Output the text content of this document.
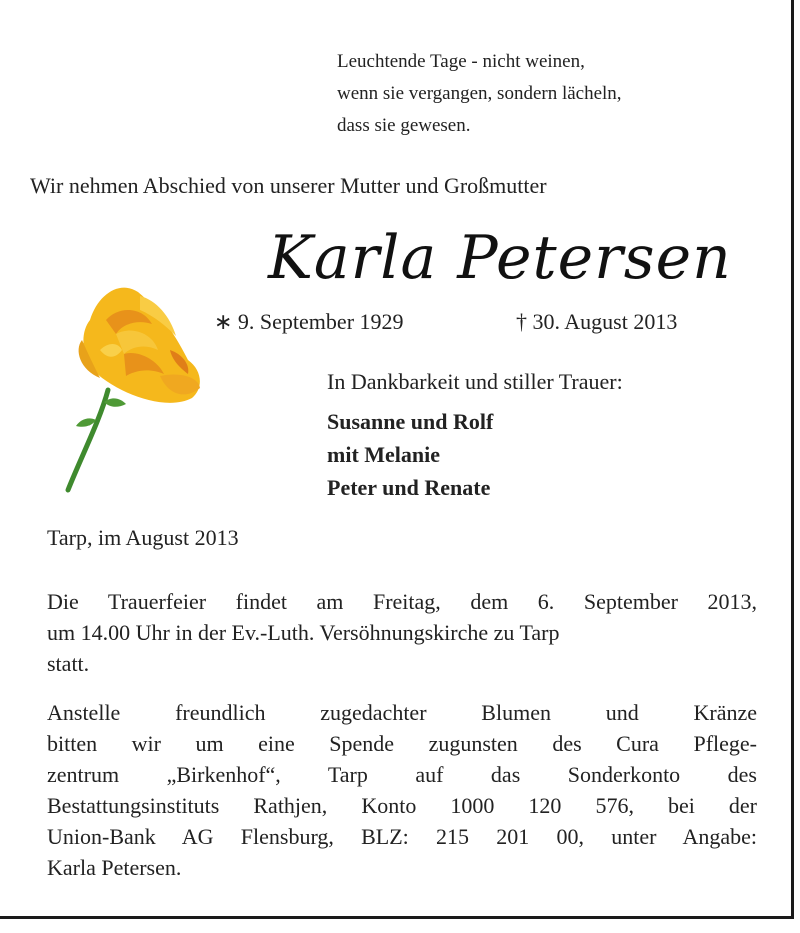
Leuchtende Tage - nicht weinen,
wenn sie vergangen, sondern lächeln,
dass sie gewesen.
Wir nehmen Abschied von unserer Mutter und Großmutter
Karla Petersen
∗ 9. September 1929	† 30. August 2013
In Dankbarkeit und stiller Trauer:
Susanne und Rolf
mit Melanie
Peter und Renate
Tarp, im August 2013
Die Trauerfeier findet am Freitag, dem 6. September 2013,
um 14.00 Uhr in der Ev.-Luth. Versöhnungskirche zu Tarp
statt.
Anstelle freundlich zugedachter Blumen und Kränze
bitten wir um eine Spende zugunsten des Cura Pflege-
zentrum „Birkenhof“, Tarp auf das Sonderkonto des
Bestattungsinstituts Rathjen, Konto 1000 120 576, bei der
Union-Bank AG Flensburg, BLZ: 215 201 00, unter Angabe:
Karla Petersen.
